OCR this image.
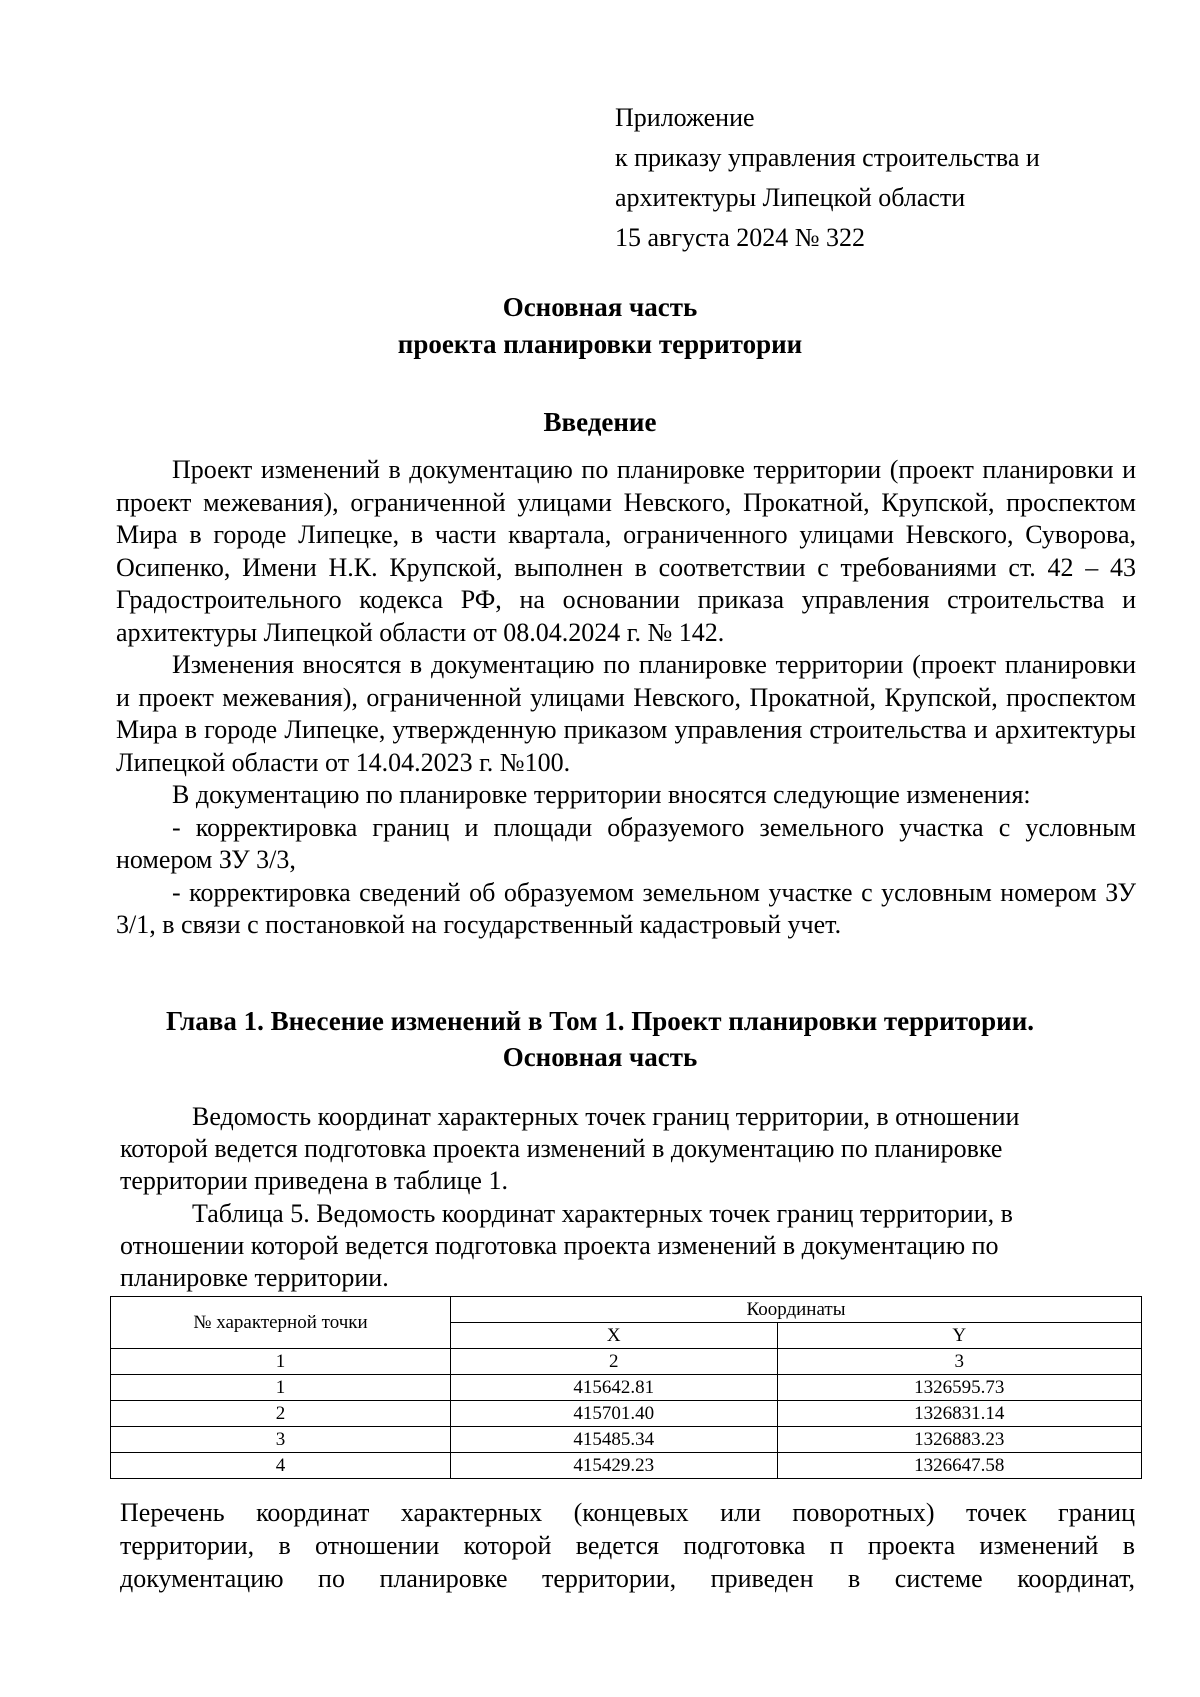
Приложение
к приказу управления строительства и
архитектуры Липецкой области
15 августа 2024 № 322
Основная часть
проекта планировки территории
Введение

Проект изменений в документацию по планировке территории (проект планировки и проект межевания), ограниченной улицами Невского, Прокатной, Крупской, проспектом Мира в городе Липецке, в части квартала, ограниченного улицами Невского, Суворова, Осипенко, Имени Н.К. Крупской, выполнен в соответствии с требованиями ст. 42 – 43 Градостроительного кодекса РФ, на основании приказа управления строительства и архитектуры Липецкой области от 08.04.2024 г. № 142.

Изменения вносятся в документацию по планировке территории (проект планировки и проект межевания), ограниченной улицами Невского, Прокатной, Крупской, проспектом Мира в городе Липецке, утвержденную приказом управления строительства и архитектуры Липецкой области от 14.04.2023 г. №100.

В документацию по планировке территории вносятся следующие изменения:

- корректировка границ и площади образуемого земельного участка с условным номером ЗУ 3/3,

- корректировка сведений об образуемом земельном участке с условным номером ЗУ 3/1, в связи с постановкой на государственный кадастровый учет.

Глава 1. Внесение изменений в Том 1. Проект планировки территории.
Основная часть

Ведомость координат характерных точек границ территории, в отношении которой ведется подготовка проекта изменений в документацию по планировке территории приведена в таблице 1.

Таблица 5. Ведомость координат характерных точек границ территории, в отношении которой ведется подготовка проекта изменений в документацию по планировке территории.

№ характерной точки	Координаты	
	X	Y
1	2	3
1	415642.81	1326595.73
2	415701.40	1326831.14
3	415485.34	1326883.23
4	415429.23	1326647.58
Перечень координат характерных (концевых или поворотных) точек границ
территории, в отношении которой ведется подготовка п проекта изменений в
документацию по планировке территории, приведен в системе координат,
